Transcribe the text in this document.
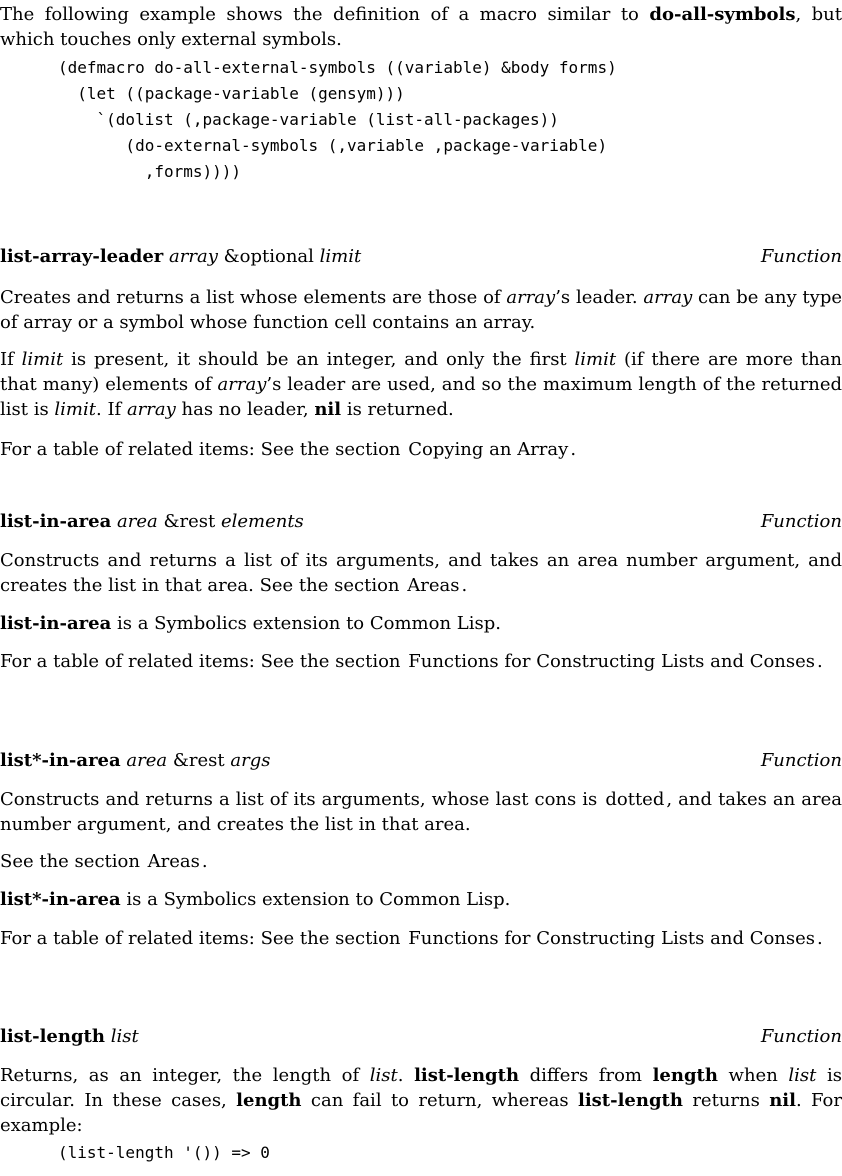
The following example shows the definition of a macro similar to do-all-symbols, but which touches only external symbols.

(defmacro do-all-external-symbols ((variable) &body forms)
(let ((package-variable (gensym)))
`(dolist (,package-variable (list-all-packages))
(do-external-symbols (,variable ,package-variable)
,forms))))
list-array-leader array &optional limit	Function

Creates and returns a list whose elements are those of array’s leader. array can be any type of array or a symbol whose function cell contains an array.

If limit is present, it should be an integer, and only the first limit (if there are more than that many) elements of array’s leader are used, and so the maximum length of the returned list is limit. If array has no leader, nil is returned.

For a table of related items: See the section Copying an Array .

list-in-area area &rest elements	Function

Constructs and returns a list of its arguments, and takes an area number argument, and creates the list in that area. See the section Areas .

list-in-area is a Symbolics extension to Common Lisp.

For a table of related items: See the section Functions for Constructing Lists and Conses .

list*-in-area area &rest args	Function

Constructs and returns a list of its arguments, whose last cons is dotted , and takes an area number argument, and creates the list in that area.

See the section Areas .

list*-in-area is a Symbolics extension to Common Lisp.

For a table of related items: See the section Functions for Constructing Lists and Conses .

list-length list	Function

Returns, as an integer, the length of list. list-length differs from length when list is circular. In these cases, length can fail to return, whereas list-length returns nil. For example:

(list-length '()) => 0
